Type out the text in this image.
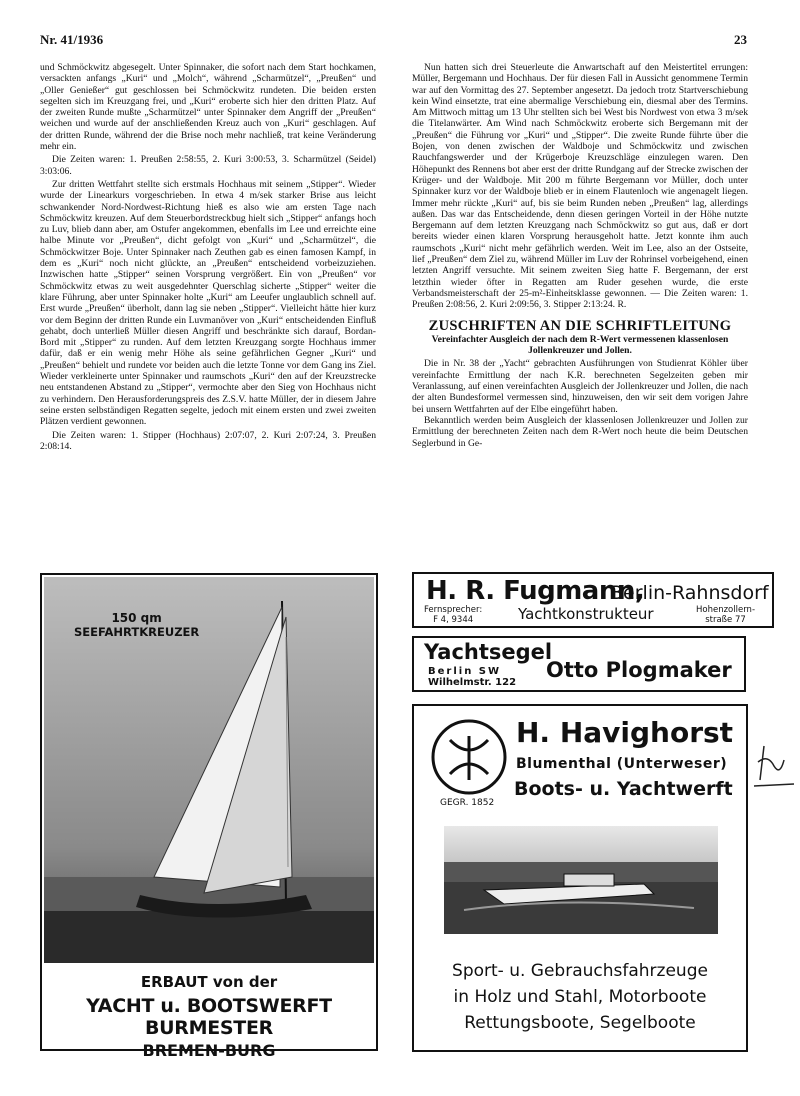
Nr. 41/1936	23

und Schmöckwitz abgesegelt. Unter Spinnaker, die sofort nach dem Start hochkamen, versackten anfangs „Kuri“ und „Molch“, während „Scharmützel“, „Preußen“ und „Oller Genießer“ gut geschlossen bei Schmöckwitz rundeten. Die beiden ersten segelten sich im Kreuzgang frei, und „Kuri“ eroberte sich hier den dritten Platz. Auf der zweiten Runde mußte „Scharmützel“ unter Spinnaker dem Angriff der „Preußen“ weichen und wurde auf der anschließenden Kreuz auch von „Kuri“ geschlagen. Auf der dritten Runde, während der die Brise noch mehr nachließ, trat keine Veränderung mehr ein.

Die Zeiten waren: 1. Preußen 2:58:55, 2. Kuri 3:00:53, 3. Scharmützel (Seidel) 3:03:06.

Zur dritten Wettfahrt stellte sich erstmals Hochhaus mit seinem „Stipper“. Wieder wurde der Linearkurs vorgeschrieben. In etwa 4 m/sek starker Brise aus leicht schwankender Nord-Nordwest-Richtung hieß es also wie am ersten Tage nach Schmöckwitz kreuzen. Auf dem Steuerbordstreckbug hielt sich „Stipper“ anfangs hoch zu Luv, blieb dann aber, am Ostufer angekommen, ebenfalls im Lee und erreichte eine halbe Minute vor „Preußen“, dicht gefolgt von „Kuri“ und „Scharmützel“, die Schmöckwitzer Boje. Unter Spinnaker nach Zeuthen gab es einen famosen Kampf, in dem es „Kuri“ noch nicht glückte, an „Preußen“ entscheidend vorbeizuziehen. Inzwischen hatte „Stipper“ seinen Vorsprung vergrößert. Ein von „Preußen“ vor Schmöckwitz etwas zu weit ausgedehnter Querschlag sicherte „Stipper“ weiter die klare Führung, aber unter Spinnaker holte „Kuri“ am Leeufer unglaublich schnell auf. Erst wurde „Preußen“ überholt, dann lag sie neben „Stipper“. Vielleicht hätte hier kurz vor dem Beginn der dritten Runde ein Luvmanöver von „Kuri“ entscheidenden Einfluß gehabt, doch unterließ Müller diesen Angriff und beschränkte sich darauf, Bordan-Bord mit „Stipper“ zu runden. Auf dem letzten Kreuzgang sorgte Hochhaus immer dafür, daß er ein wenig mehr Höhe als seine gefährlichen Gegner „Kuri“ und „Preußen“ behielt und rundete vor beiden auch die letzte Tonne vor dem Gang ins Ziel. Wieder verkleinerte unter Spinnaker und raumschots „Kuri“ den auf der Kreuzstrecke neu entstandenen Abstand zu „Stipper“, vermochte aber den Sieg von Hochhaus nicht zu verhindern. Den Herausforderungspreis des Z.S.V. hatte Müller, der in diesem Jahre seine ersten selbständigen Regatten segelte, jedoch mit einem ersten und zwei zweiten Plätzen verdient gewonnen.

Die Zeiten waren: 1. Stipper (Hochhaus) 2:07:07, 2. Kuri 2:07:24, 3. Preußen 2:08:14.

Nun hatten sich drei Steuerleute die Anwartschaft auf den Meistertitel errungen: Müller, Bergemann und Hochhaus. Der für diesen Fall in Aussicht genommene Termin war auf den Vormittag des 27. September angesetzt. Da jedoch trotz Startverschiebung kein Wind einsetzte, trat eine abermalige Verschiebung ein, diesmal aber des Termins. Am Mittwoch mittag um 13 Uhr stellten sich bei West bis Nordwest von etwa 3 m/sek die Titelanwärter. Am Wind nach Schmöckwitz eroberte sich Bergemann mit der „Preußen“ die Führung vor „Kuri“ und „Stipper“. Die zweite Runde führte über die Bojen, von denen zwischen der Waldboje und Schmöckwitz und zwischen Rauchfangswerder und der Krügerboje Kreuzschläge einzulegen waren. Den Höhepunkt des Rennens bot aber erst der dritte Rundgang auf der Strecke zwischen der Krüger- und der Waldboje. Mit 200 m führte Bergemann vor Müller, doch unter Spinnaker kurz vor der Waldboje blieb er in einem Flautenloch wie angenagelt liegen. Immer mehr rückte „Kuri“ auf, bis sie beim Runden neben „Preußen“ lag, allerdings außen. Das war das Entscheidende, denn diesen geringen Vorteil in der Höhe nutzte Bergemann auf dem letzten Kreuzgang nach Schmöckwitz so gut aus, daß er dort bereits wieder einen klaren Vorsprung herausgeholt hatte. Jetzt konnte ihm auch raumschots „Kuri“ nicht mehr gefährlich werden. Weit im Lee, also an der Ostseite, lief „Preußen“ dem Ziel zu, während Müller im Luv der Rohrinsel vorbeigehend, einen letzten Angriff versuchte. Mit seinem zweiten Sieg hatte F. Bergemann, der erst letzthin wieder öfter in Regatten am Ruder gesehen wurde, die erste Verbandsmeisterschaft der 25-m²-Einheitsklasse gewonnen. — Die Zeiten waren: 1. Preußen 2:08:56, 2. Kuri 2:09:56, 3. Stipper 2:13:24. R.

ZUSCHRIFTEN AN DIE SCHRIFTLEITUNG
Vereinfachter Ausgleich der nach dem R-Wert vermessenen klassenlosen Jollenkreuzer und Jollen.

Die in Nr. 38 der „Yacht“ gebrachten Ausführungen von Studienrat Köhler über vereinfachte Ermittlung der nach K.R. berechneten Segelzeiten geben mir Veranlassung, auf einen vereinfachten Ausgleich der Jollenkreuzer und Jollen, die nach der alten Bundesformel vermessen sind, hinzuweisen, den wir seit dem vorigen Jahre bei unsern Wettfahrten auf der Elbe eingeführt haben.

Bekanntlich werden beim Ausgleich der klassenlosen Jollenkreuzer und Jollen zur Ermittlung der berechneten Zeiten nach dem R-Wert noch heute die beim Deutschen Seglerbund in Ge-

150 qm
SEEFAHRTKREUZER
ERBAUT von der
YACHT u. BOOTSWERFT BURMESTER
BREMEN-BURG
H. R. Fugmann,
Berlin-Rahnsdorf
Fernsprecher:
F 4, 9344	Yachtkonstrukteur	Hohenzollern-
straße 77
Yachtsegel
Berlin SW
Wilhelmstr. 122
Otto Plogmaker
GEGR. 1852
H. Havighorst
Blumenthal (Unterweser)
Boots- u. Yachtwerft
Sport- u. Gebrauchsfahrzeuge
in Holz und Stahl, Motorboote
Rettungsboote, Segelboote
